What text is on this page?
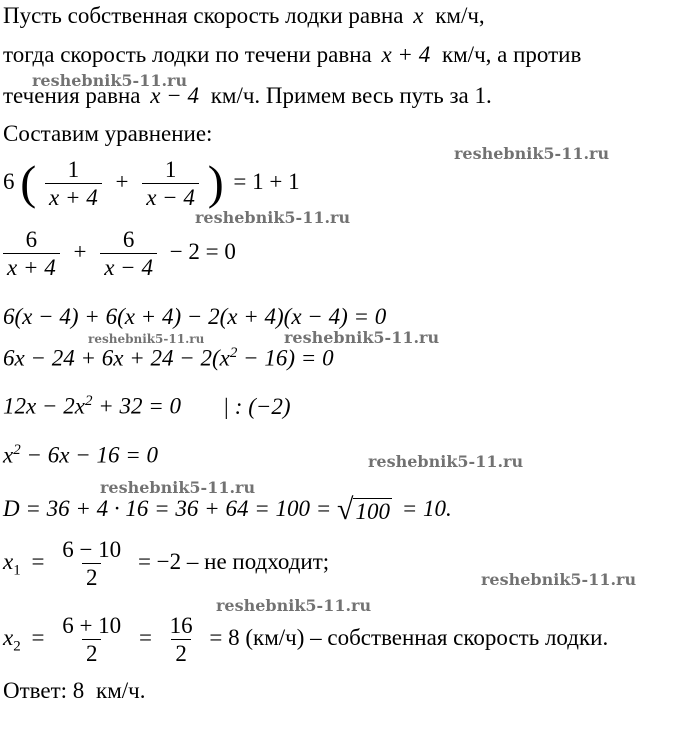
Пусть собственная скорость лодки равна x км/ч,
тогда скорость лодки по течени равна x + 4 км/ч, а против
течения равна x − 4 км/ч. Примем весь путь за 1.
Составим уравнение:
6 ( $\frac{1}{x + 4} + \frac{1}{x - 4}$ ) = 1 + 1
$\frac{6}{x + 4} + \frac{6}{x - 4} - 2 = 0$
6(x − 4) + 6(x + 4) − 2(x + 4)(x − 4) = 0
$6x - 24 + 6x + 24 - 2(x^2 - 16) = 0$
$12x - 2x^2 + 32 = 0$ | : (−2)
$x^2 - 6x - 16 = 0$
D = 36 + 4 · 16 = 36 + 64 = 100 = √ 100 = 10.
$x_1 = \frac{6 - 10}{2} = -2$ – не подходит;
$x_2 = \frac{6 + 10}{2} = \frac{16}{2} = 8$ (км/ч) – собственная скорость лодки.
Ответ: 8 км/ч.
reshebnik5-11.ru
reshebnik5-11.ru
reshebnik5-11.ru
reshebnik5-11.ru	reshebnik5-11.ru
reshebnik5-11.ru
reshebnik5-11.ru
reshebnik5-11.ru
reshebnik5-11.ru
